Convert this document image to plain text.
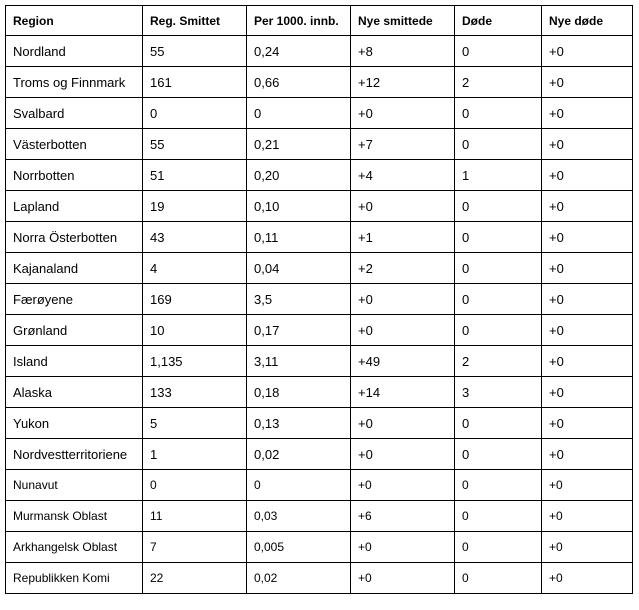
Region	Reg. Smittet	Per 1000. innb.	Nye smittede	Døde	Nye døde
Nordland	55	0,24	+8	0	+0
Troms og Finnmark	161	0,66	+12	2	+0
Svalbard	0	0	+0	0	+0
Västerbotten	55	0,21	+7	0	+0
Norrbotten	51	0,20	+4	1	+0
Lapland	19	0,10	+0	0	+0
Norra Österbotten	43	0,11	+1	0	+0
Kajanaland	4	0,04	+2	0	+0
Færøyene	169	3,5	+0	0	+0
Grønland	10	0,17	+0	0	+0
Island	1,135	3,11	+49	2	+0
Alaska	133	0,18	+14	3	+0
Yukon	5	0,13	+0	0	+0
Nordvestterritoriene	1	0,02	+0	0	+0
Nunavut	0	0	+0	0	+0
Murmansk Oblast	11	0,03	+6	0	+0
Arkhangelsk Oblast	7	0,005	+0	0	+0
Republikken Komi	22	0,02	+0	0	+0
